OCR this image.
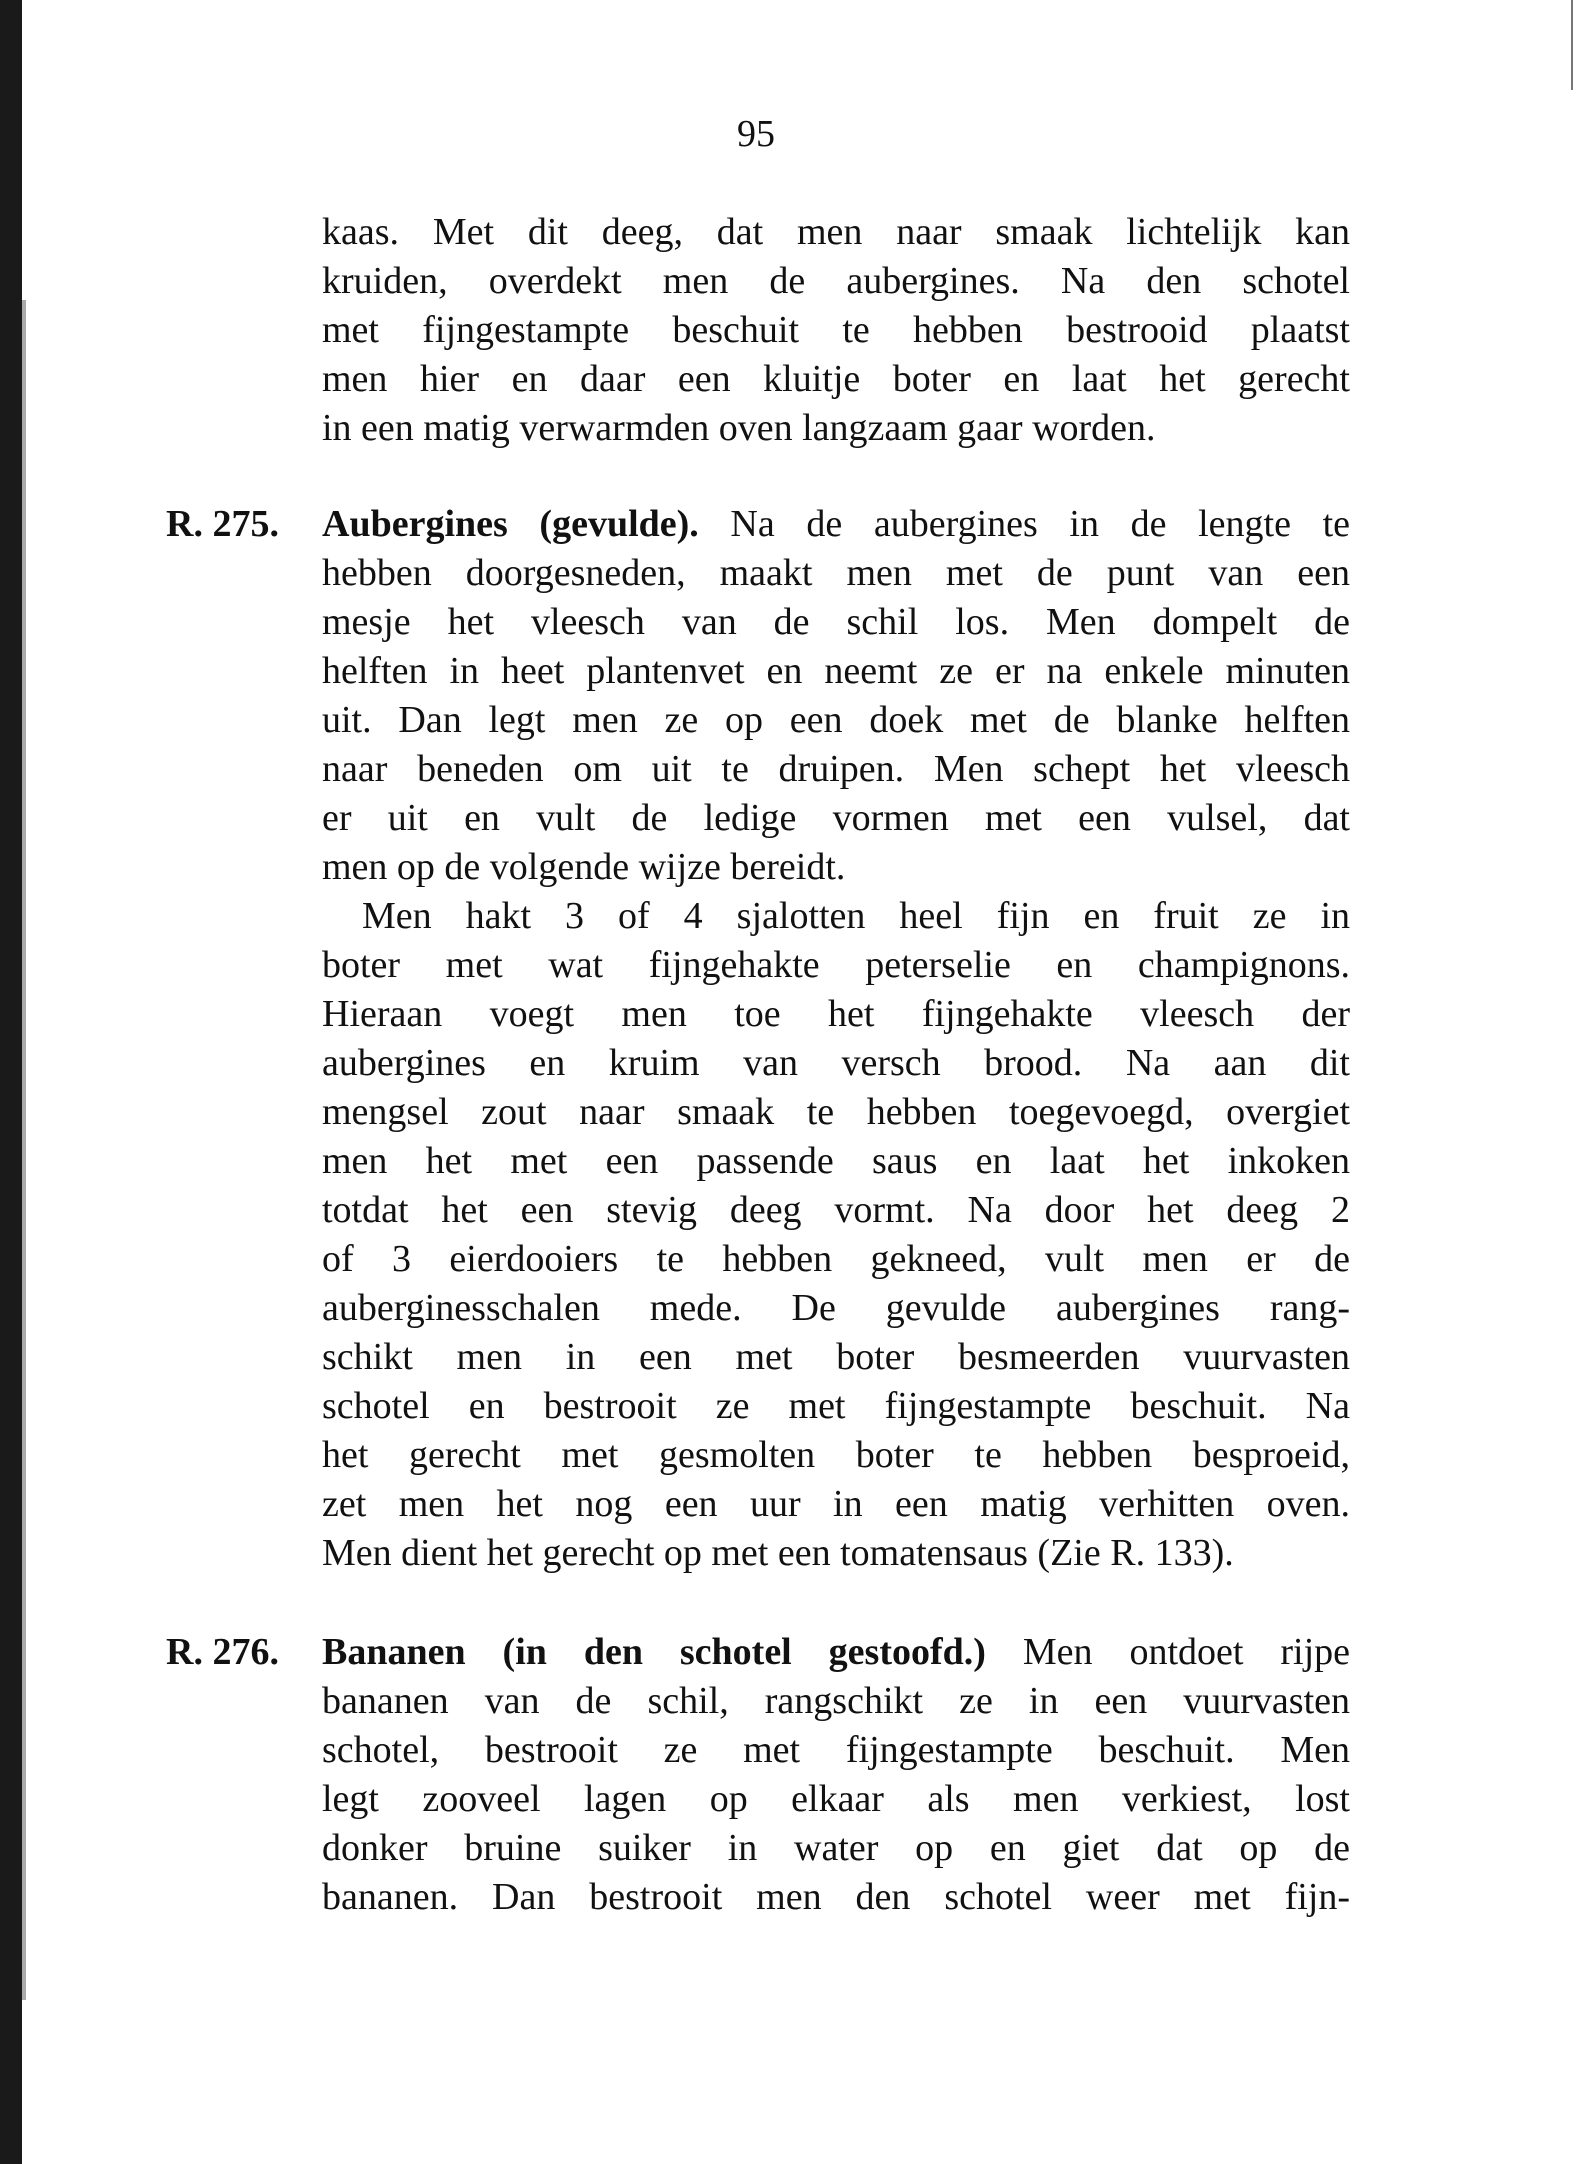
95
kaas. Met dit deeg, dat men naar smaak lichtelijk kan
kruiden, overdekt men de aubergines. Na den schotel
met fijngestampte beschuit te hebben bestrooid plaatst
men hier en daar een kluitje boter en laat het gerecht
in een matig verwarmden oven langzaam gaar worden.
R. 275. Aubergines (gevulde). Na de aubergines in de lengte te
hebben doorgesneden, maakt men met de punt van een
mesje het vleesch van de schil los. Men dompelt de
helften in heet plantenvet en neemt ze er na enkele minuten
uit. Dan legt men ze op een doek met de blanke helften
naar beneden om uit te druipen. Men schept het vleesch
er uit en vult de ledige vormen met een vulsel, dat
men op de volgende wijze bereidt.
Men hakt 3 of 4 sjalotten heel fijn en fruit ze in
boter met wat fijngehakte peterselie en champignons.
Hieraan voegt men toe het fijngehakte vleesch der
aubergines en kruim van versch brood. Na aan dit
mengsel zout naar smaak te hebben toegevoegd, overgiet
men het met een passende saus en laat het inkoken
totdat het een stevig deeg vormt. Na door het deeg 2
of 3 eierdooiers te hebben gekneed, vult men er de
auberginesschalen mede. De gevulde aubergines rang-
schikt men in een met boter besmeerden vuurvasten
schotel en bestrooit ze met fijngestampte beschuit. Na
het gerecht met gesmolten boter te hebben besproeid,
zet men het nog een uur in een matig verhitten oven.
Men dient het gerecht op met een tomatensaus (Zie R. 133).
R. 276. Bananen (in den schotel gestoofd.) Men ontdoet rijpe
bananen van de schil, rangschikt ze in een vuurvasten
schotel, bestrooit ze met fijngestampte beschuit. Men
legt zooveel lagen op elkaar als men verkiest, lost
donker bruine suiker in water op en giet dat op de
bananen. Dan bestrooit men den schotel weer met fijn-
